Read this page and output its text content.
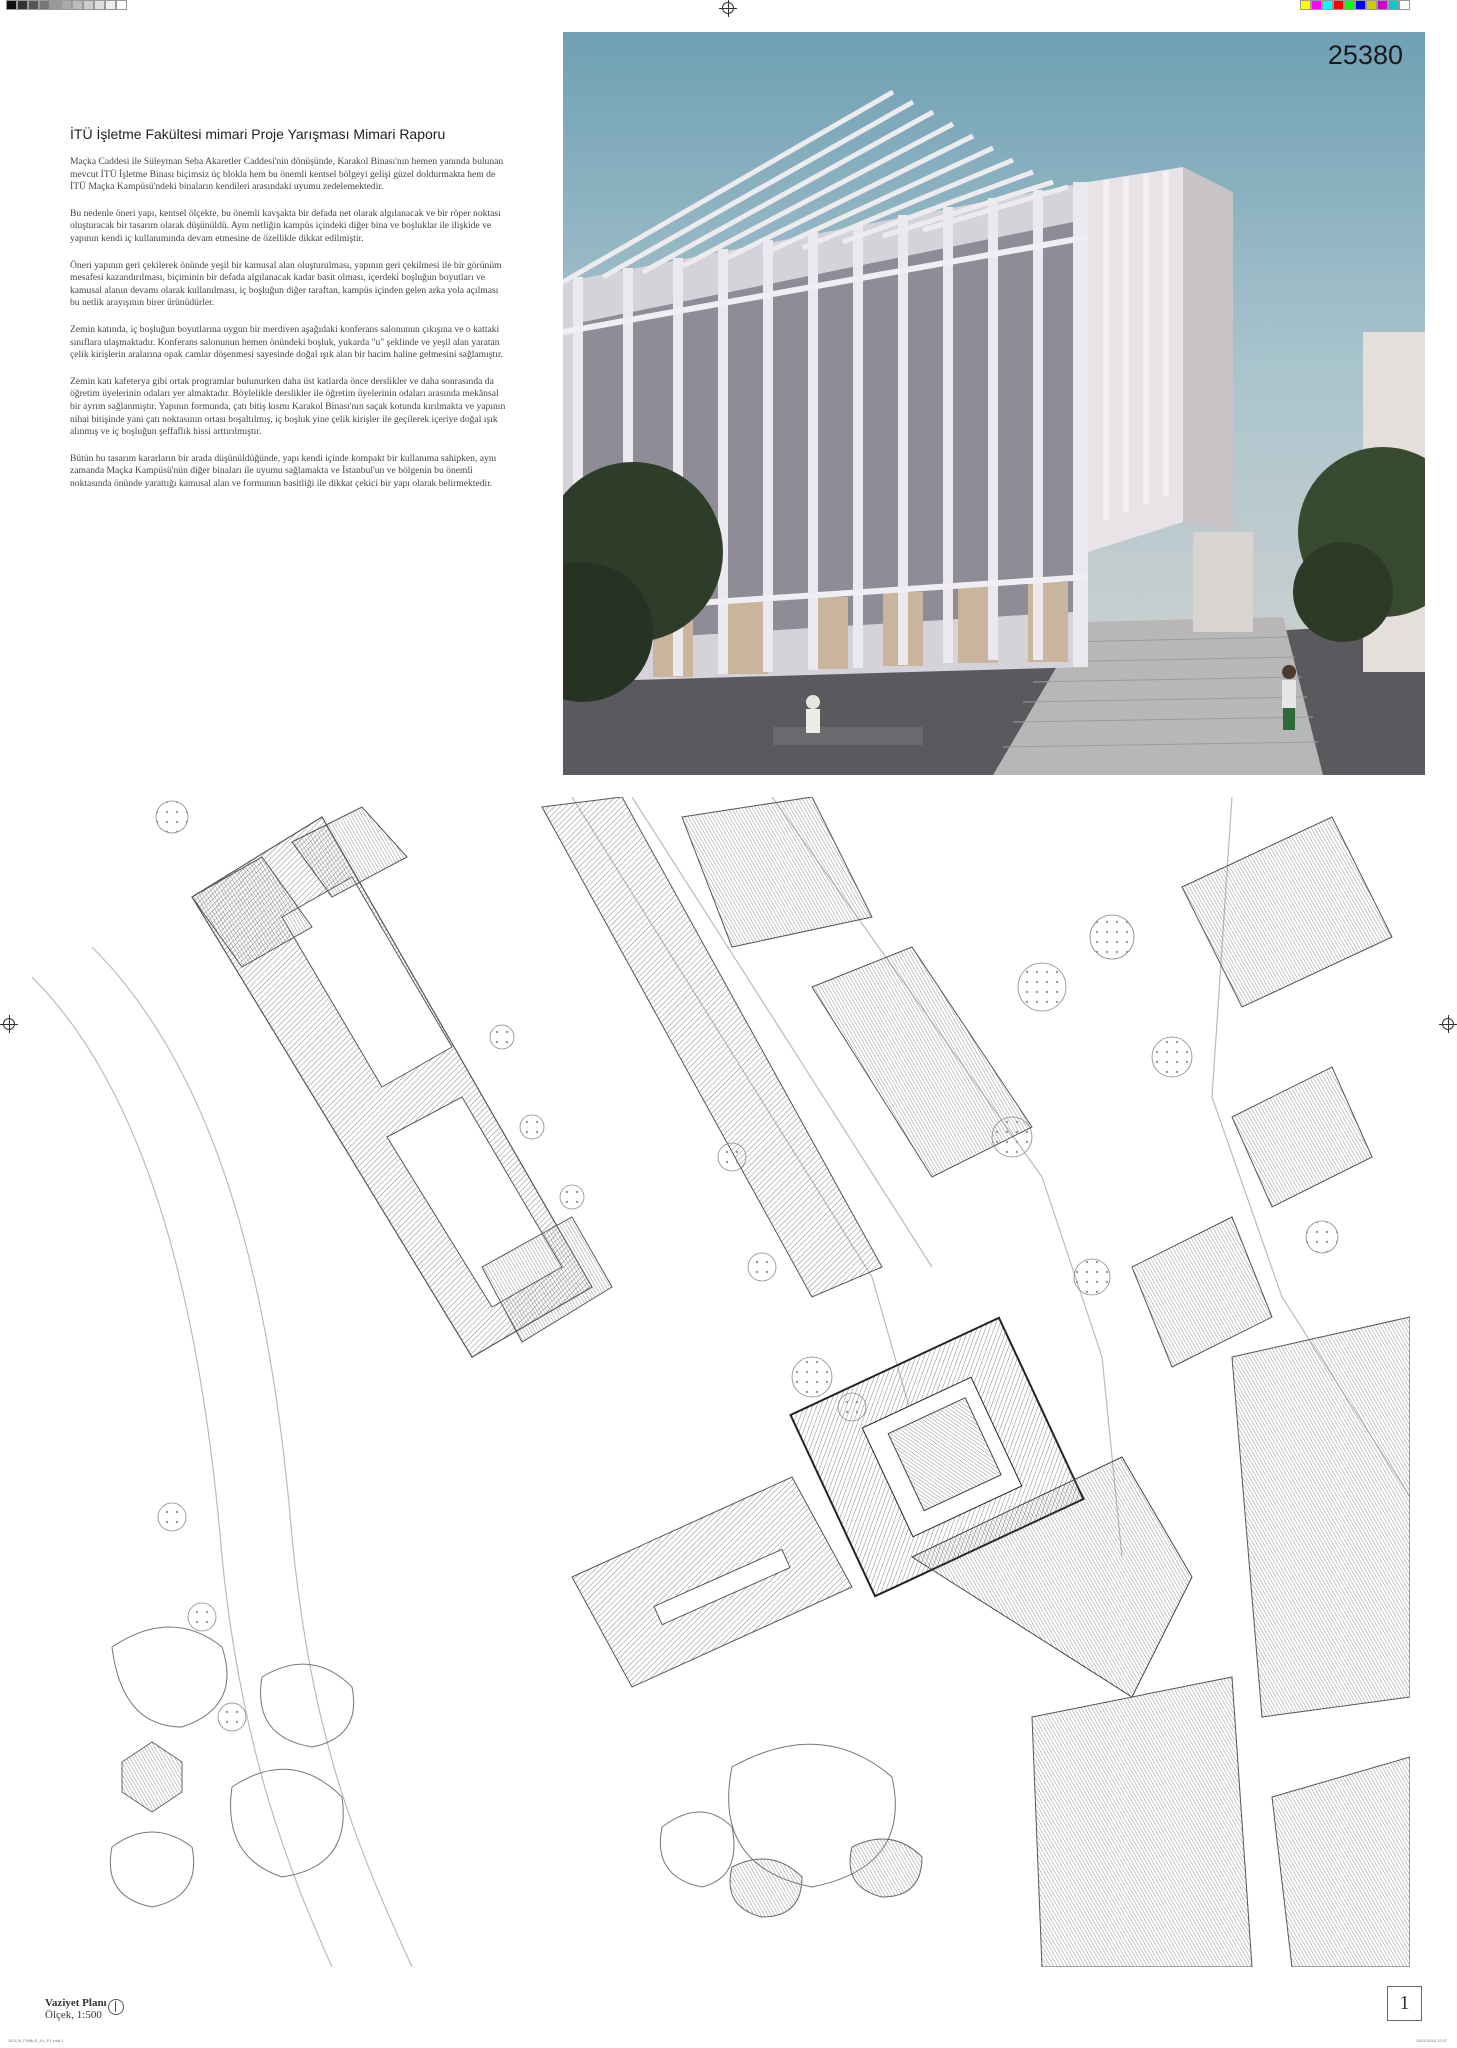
İTÜ İşletme Fakültesi mimari Proje Yarışması Mimari Raporu

Maçka Caddesi ile Süleyman Seba Akaretler Caddesi'nin dönüşünde, Karakol Binası'nın hemen yanında bulunan mevcut İTÜ İşletme Binası biçimsiz üç blokla hem bu önemli kentsel bölgeyi gelişi güzel doldurmakta hem de İTÜ Maçka Kampüsü'ndeki binaların kendileri arasındaki uyumu zedelemektedir.

Bu nedenle öneri yapı, kentsel ölçekte, bu önemli kavşakta bir defada net olarak algılanacak ve bir röper noktası oluşturacak bir tasarım olarak düşünüldü. Aynı netliğin kampüs içindeki diğer bina ve boşluklar ile ilişkide ve yapının kendi iç kullanımında devam etmesine de özellikle dikkat edilmiştir.

Öneri yapının geri çekilerek önünde yeşil bir kamusal alan oluşturulması, yapının geri çekilmesi ile bir görünüm mesafesi kazandırılması, biçiminin bir defada algılanacak kadar basit olması, içerdeki boşluğun boyutları ve kamusal alanın devamı olarak kullanılması, iç boşluğun diğer taraftan, kampüs içinden gelen arka yola açılması bu netlik arayışının birer ürünüdürler.

Zemin katında, iç boşluğun boyutlarına uygun bir merdiven aşağıdaki konferans salonunun çıkışına ve o kattaki sınıflara ulaşmaktadır. Konferans salonunun hemen önündeki boşluk, yukarda "u" şeklinde ve yeşil alan yaratan çelik kirişlerin aralarına opak camlar döşenmesi sayesinde doğal ışık alan bir hacim haline gelmesini sağlamıştır.

Zemin katı kafeterya gibi ortak programlar bulunurken daha üst katlarda önce derslikler ve daha sonrasında da öğretim üyelerinin odaları yer almaktadır. Böylelikle derslikler ile öğretim üyelerinin odaları arasında mekânsal bir ayrım sağlanmıştır. Yapının formunda, çatı bitiş kısmı Karakol Binası'nın saçak kotunda kırılmakta ve yapının nihai bitişinde yani çatı noktasının ortası boşaltılmış, iç boşluk yine çelik kirişler ile geçilerek içeriye doğal ışık alınmış ve iç boşluğun şeffaflık hissi arttırılmıştır.

Bütün bu tasarım kararların bir arada düşünüldüğünde, yapı kendi içinde kompakt bir kullanıma sahipken, aynı zamanda Maçka Kampüsü'nün diğer binaları ile uyumu sağlamakta ve İstanbul'un ve bölgenin bu önemli noktasında önünde yarattığı kamusal alan ve formunun basitliği ile dikkat çekici bir yapı olarak belirmektedir.

25380
Vaziyet Planı
Ölçek, 1:500
1
161126_FINBLE_A1_P1.indd 1	26/11/2016 12:07
